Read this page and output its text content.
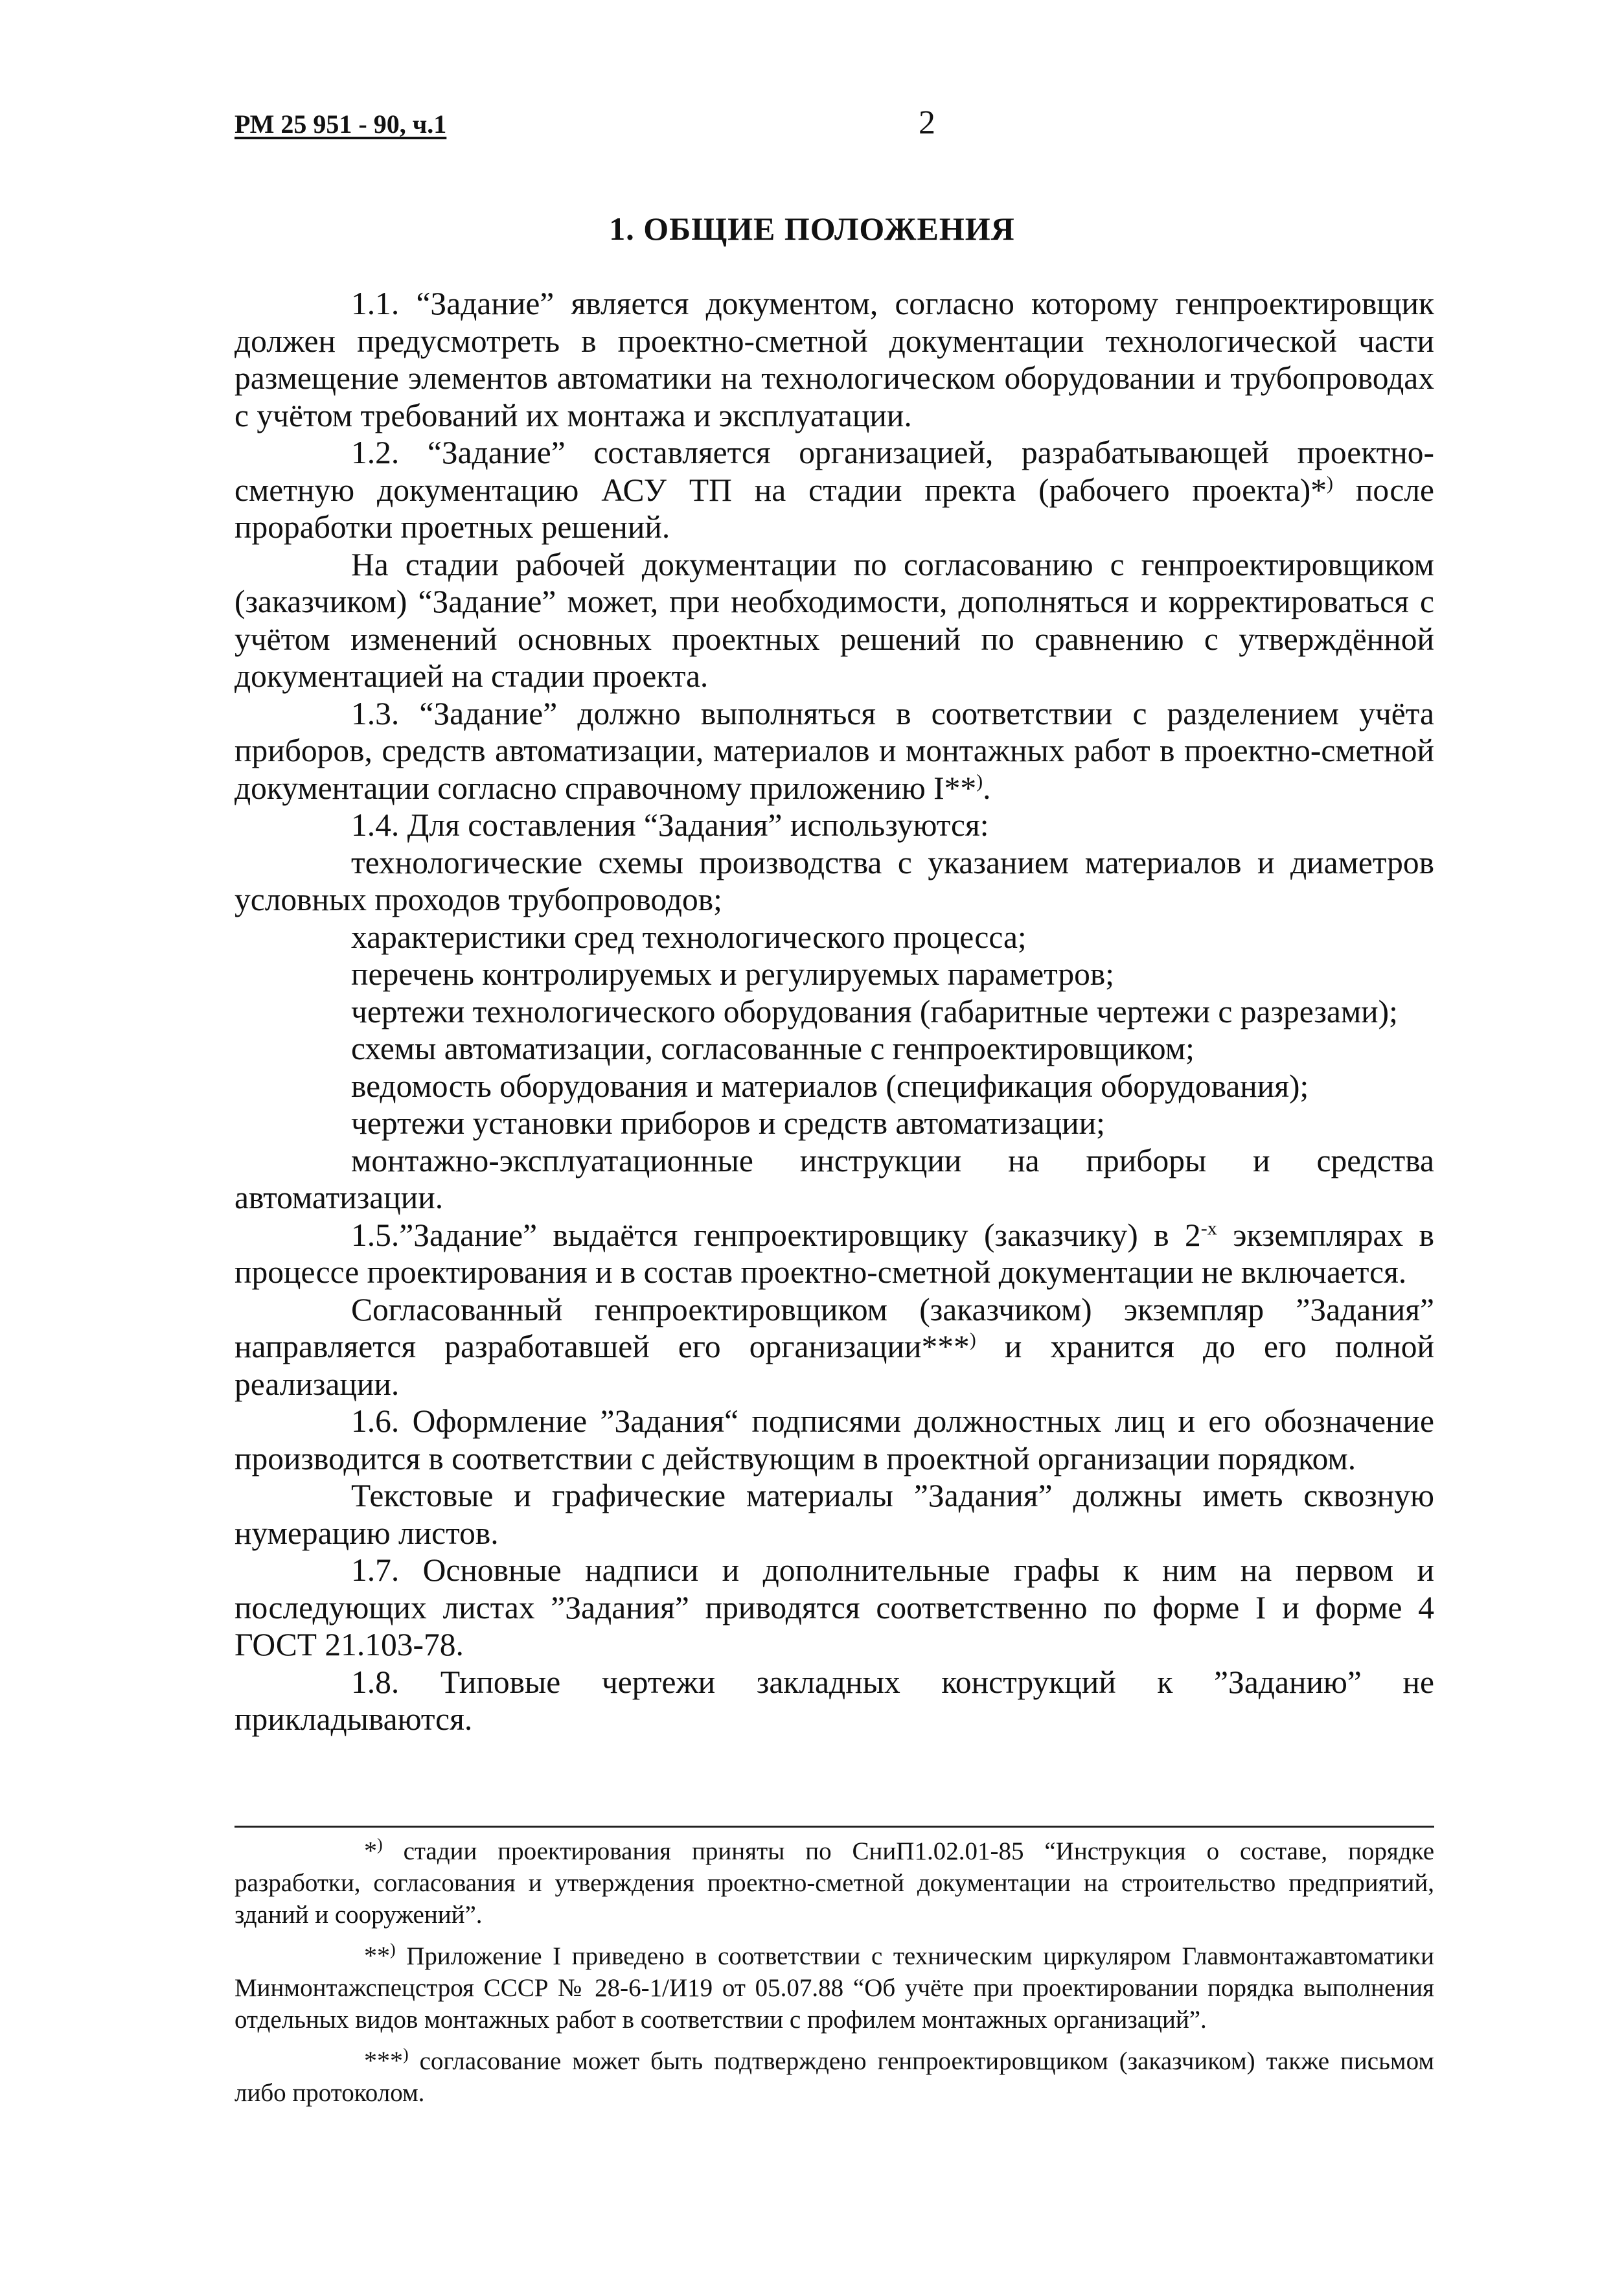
РМ 25 951 - 90, ч.1	2
1. ОБЩИЕ ПОЛОЖЕНИЯ

1.1. “Задание” является документом, согласно которому генпроектировщик должен предусмотреть в проектно-сметной документации технологической части размещение элементов автоматики на технологическом оборудовании и трубопроводах с учётом требований их монтажа и эксплуатации.

1.2. “Задание” составляется организацией, разрабатывающей проектно-сметную документацию АСУ ТП на стадии пректа (рабочего проекта)*) после проработки проетных решений.

На стадии рабочей документации по согласованию с генпроектировщиком (заказчиком) “Задание” может, при необходимости, дополняться и корректироваться с учётом изменений основных проектных решений по сравнению с утверждённой документацией на стадии проекта.

1.3. “Задание” должно выполняться в соответствии с разделением учёта приборов, средств автоматизации, материалов и монтажных работ в проектно-сметной документации согласно справочному приложению I**).

1.4. Для составления “Задания” используются:

технологические схемы производства с указанием материалов и диаметров условных проходов трубопроводов;

характеристики сред технологического процесса;

перечень контролируемых и регулируемых параметров;

чертежи технологического оборудования (габаритные чертежи с разрезами);

схемы автоматизации, согласованные с генпроектировщиком;

ведомость оборудования и материалов (спецификация оборудования);

чертежи установки приборов и средств автоматизации;

монтажно-эксплуатационные инструкции на приборы и средства автоматизации.

1.5.”Задание” выдаётся генпроектировщику (заказчику) в $2^{-х}$ экземплярах в процессе проектирования и в состав проектно-сметной документации не включается.

Согласованный генпроектировщиком (заказчиком) экземпляр ”Задания” направляется разработавшей его организации***) и хранится до его полной реализации.

1.6. Оформление ”Задания“ подписями должностных лиц и его обозначение производится в соответствии с действующим в проектной организации порядком.

Текстовые и графические материалы ”Задания” должны иметь сквозную нумерацию листов.

1.7. Основные надписи и дополнительные графы к ним на первом и последующих листах ”Задания” приводятся соответственно по форме I и форме 4 ГОСТ 21.103-78.

1.8. Типовые чертежи закладных конструкций к ”Заданию” не прикладываются.

*) стадии проектирования приняты по СниП1.02.01-85 “Инструкция о составе, порядке разработки, согласования и утверждения проектно-сметной документации на строительство предприятий, зданий и сооружений”.

**) Приложение I приведено в соответствии с техническим циркуляром Главмонтажавтоматики Минмонтажспецстроя СССР № 28-6-1/И19 от 05.07.88 “Об учёте при проектировании порядка выполнения отдельных видов монтажных работ в соответствии с профилем монтажных организаций”.

***) согласование может быть подтверждено генпроектировщиком (заказчиком) также письмом либо протоколом.
